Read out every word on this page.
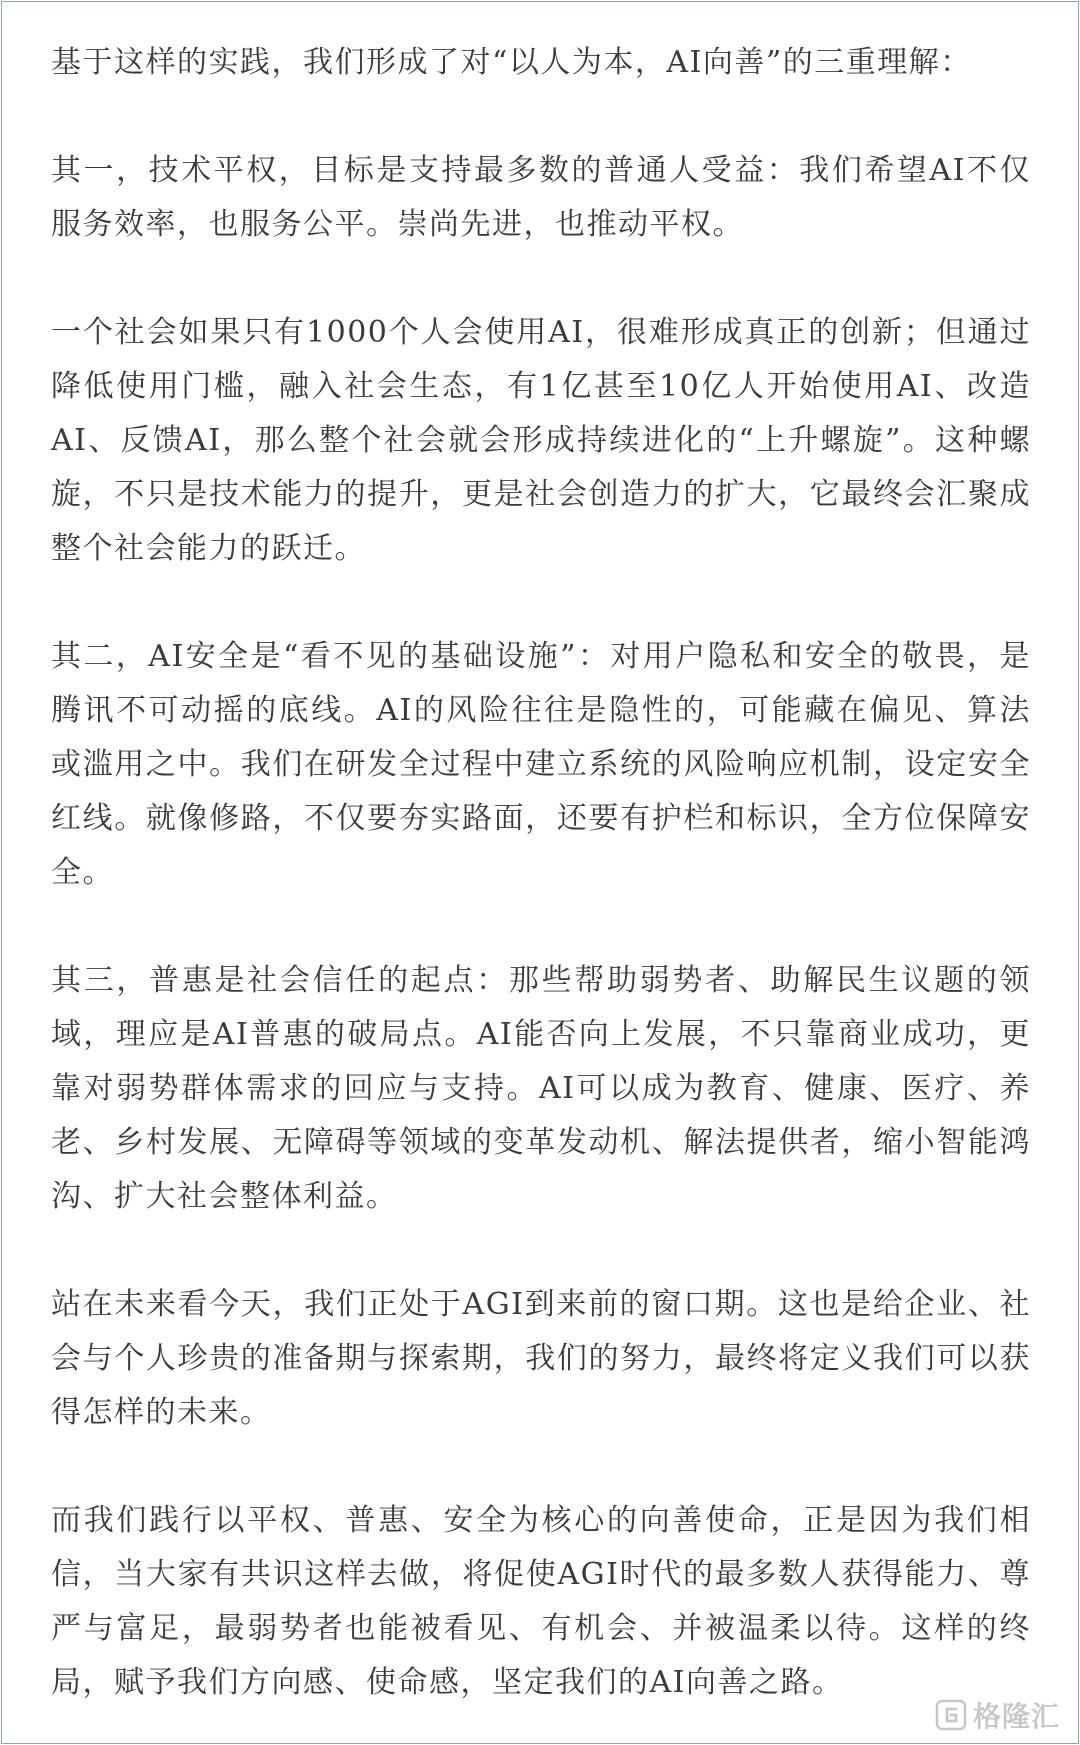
基于这样的实践，我们形成了对“以人为本，AI向善”的三重理解：

其一，技术平权，目标是支持最多数的普通人受益：我们希望AI不仅服务效率，也服务公平。崇尚先进，也推动平权。

一个社会如果只有1000个人会使用AI，很难形成真正的创新；但通过降低使用门槛，融入社会生态，有1亿甚至10亿人开始使用AI、改造AI、反馈AI，那么整个社会就会形成持续进化的“上升螺旋”。这种螺旋，不只是技术能力的提升，更是社会创造力的扩大，它最终会汇聚成整个社会能力的跃迁。

其二，AI安全是“看不见的基础设施”：对用户隐私和安全的敬畏，是腾讯不可动摇的底线。AI的风险往往是隐性的，可能藏在偏见、算法或滥用之中。我们在研发全过程中建立系统的风险响应机制，设定安全红线。就像修路，不仅要夯实路面，还要有护栏和标识，全方位保障安全。

其三，普惠是社会信任的起点：那些帮助弱势者、助解民生议题的领域，理应是AI普惠的破局点。AI能否向上发展，不只靠商业成功，更靠对弱势群体需求的回应与支持。AI可以成为教育、健康、医疗、养老、乡村发展、无障碍等领域的变革发动机、解法提供者，缩小智能鸿沟、扩大社会整体利益。

站在未来看今天，我们正处于AGI到来前的窗口期。这也是给企业、社会与个人珍贵的准备期与探索期，我们的努力，最终将定义我们可以获得怎样的未来。

而我们践行以平权、普惠、安全为核心的向善使命，正是因为我们相信，当大家有共识这样去做，将促使AGI时代的最多数人获得能力、尊严与富足，最弱势者也能被看见、有机会、并被温柔以待。这样的终局，赋予我们方向感、使命感，坚定我们的AI向善之路。

格隆汇
